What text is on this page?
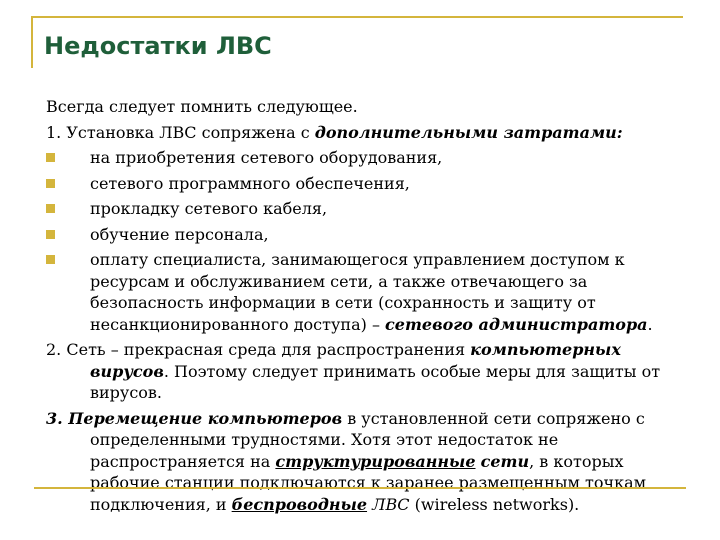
Недостатки ЛВС

Всегда следует помнить следующее.

1. Установка ЛВС сопряжена с дополнительными затратами:

на приобретения сетевого оборудования,
сетевого программного обеспечения,
прокладку сетевого кабеля,
обучение персонала,
оплату специалиста, занимающегося управлением доступом к ресурсам и обслуживанием сети, а также отвечающего за безопасность информации в сети (сохранность и защиту от несанкционированного доступа) – сетевого администратора.

2. Сеть – прекрасная среда для распространения компьютерных вирусов. Поэтому следует принимать особые меры для защиты от вирусов.

3. Перемещение компьютеров в установленной сети сопряжено с определенными трудностями. Хотя этот недостаток не распространяется на структурированные сети, в которых рабочие станции подключаются к заранее размещенным точкам подключения, и беспроводные ЛВС (wireless networks).
